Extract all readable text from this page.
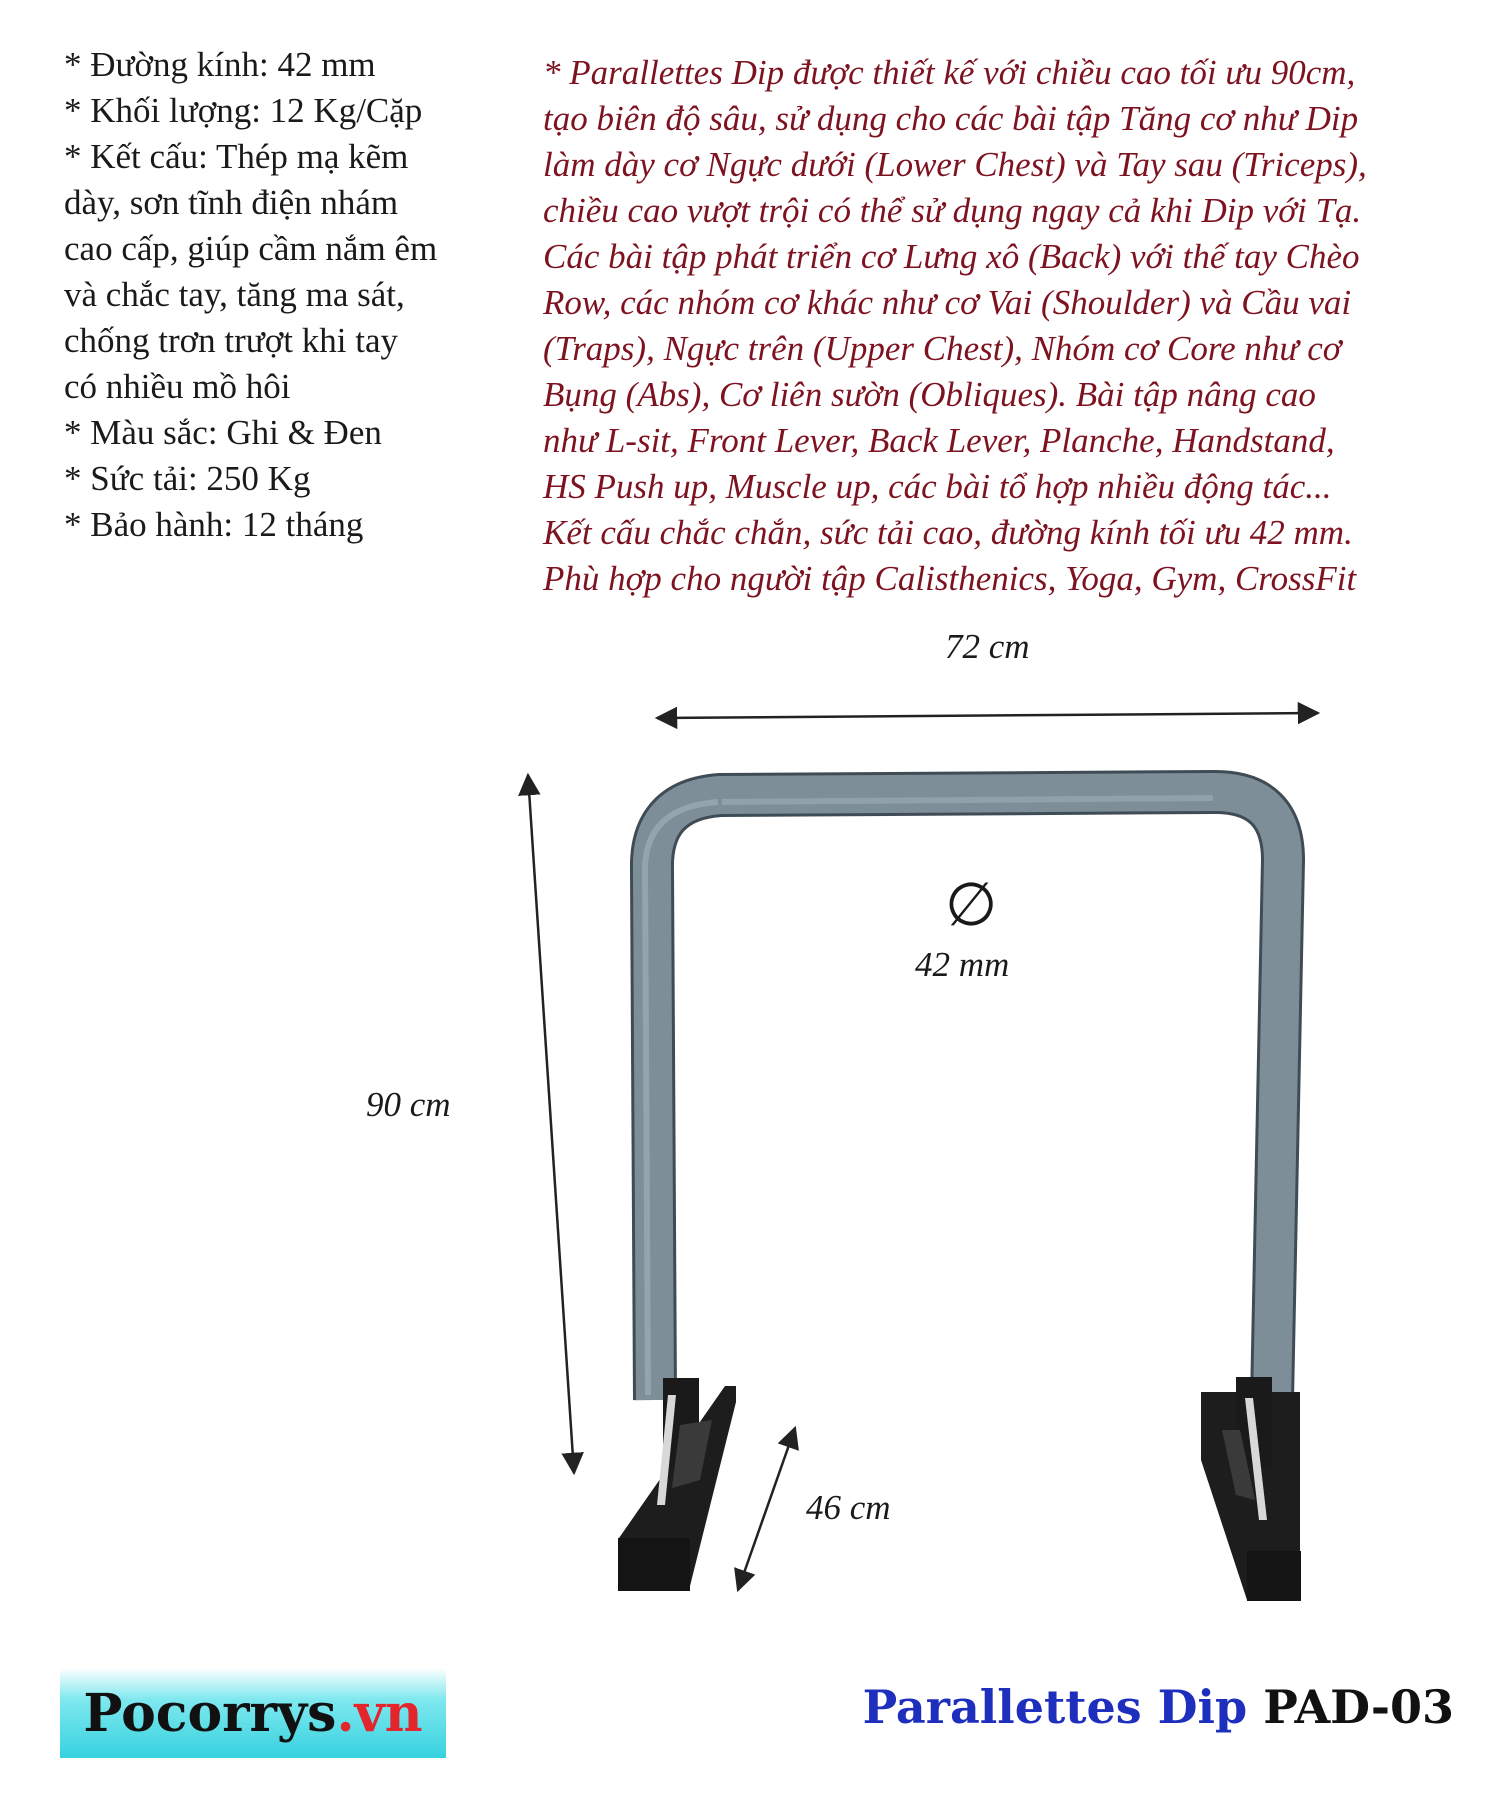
* Đường kính: 42 mm
* Khối lượng: 12 Kg/Cặp
* Kết cấu: Thép mạ kẽm
dày, sơn tĩnh điện nhám
cao cấp, giúp cầm nắm êm
và chắc tay, tăng ma sát,
chống trơn trượt khi tay
có nhiều mồ hôi
* Màu sắc: Ghi & Đen
* Sức tải: 250 Kg
* Bảo hành: 12 tháng
* Parallettes Dip được thiết kế với chiều cao tối ưu 90cm,
tạo biên độ sâu, sử dụng cho các bài tập Tăng cơ như Dip
làm dày cơ Ngực dưới (Lower Chest) và Tay sau (Triceps),
chiều cao vượt trội có thể sử dụng ngay cả khi Dip với Tạ.
Các bài tập phát triển cơ Lưng xô (Back) với thế tay Chèo
Row, các nhóm cơ khác như cơ Vai (Shoulder) và Cầu vai
(Traps), Ngực trên (Upper Chest), Nhóm cơ Core như cơ
Bụng (Abs), Cơ liên sườn (Obliques). Bài tập nâng cao
như L-sit, Front Lever, Back Lever, Planche, Handstand,
HS Push up, Muscle up, các bài tổ hợp nhiều động tác...
Kết cấu chắc chắn, sức tải cao, đường kính tối ưu 42 mm.
Phù hợp cho người tập Calisthenics, Yoga, Gym, CrossFit
72 cm
90 cm
46 cm
∅
42 mm
Pocorrys .vn	Parallettes Dip PAD-03
